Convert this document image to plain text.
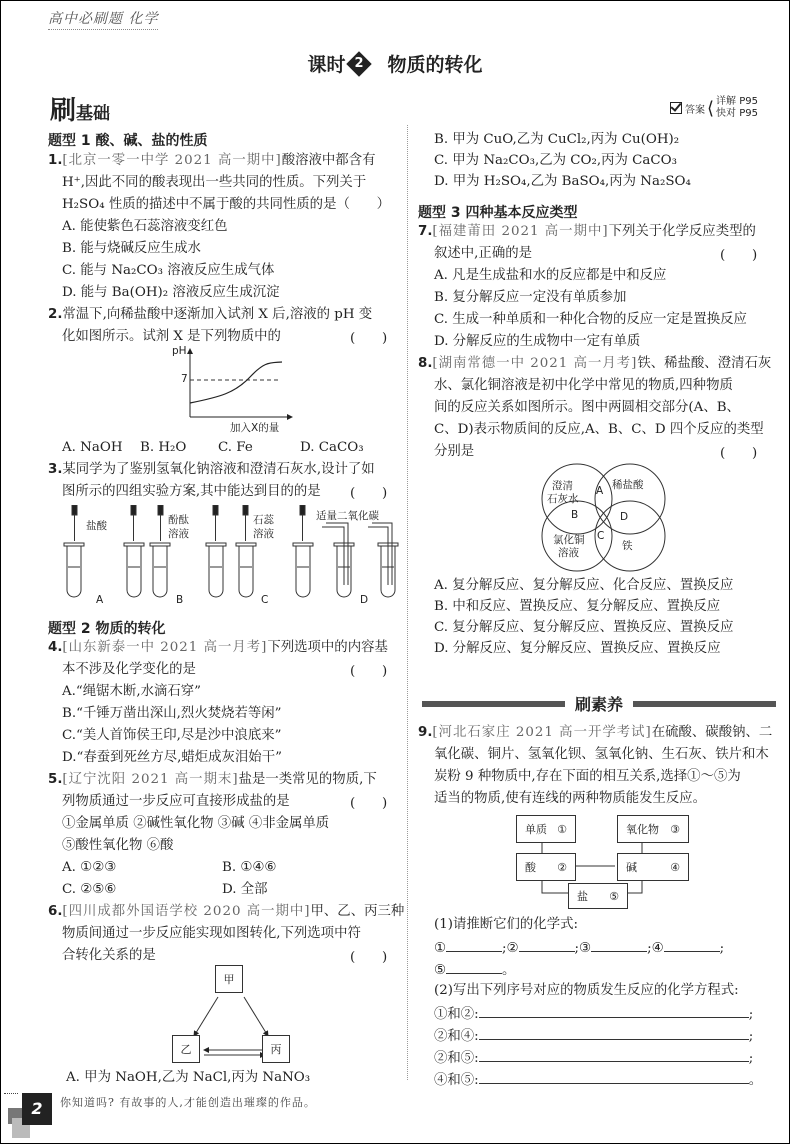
高中必刷题 化学
课时 2 物质的转化
刷基础	答案 ⟨ 详解 P95
快对 P95
题型 1 酸、碱、盐的性质
1.[北京一零一中学 2021 高一期中]酸溶液中都含有
H⁺,因此不同的酸表现出一些共同的性质。下列关于
H₂SO₄ 性质的描述中不属于酸的共同性质的是（　　）
A. 能使紫色石蕊溶液变红色
B. 能与烧碱反应生成水
C. 能与 Na₂CO₃ 溶液反应生成气体
D. 能与 Ba(OH)₂ 溶液反应生成沉淀
2.常温下,向稀盐酸中逐渐加入试剂 X 后,溶液的 pH 变
化如图所示。试剂 X 是下列物质中的	(　　)
pH
7
加入X的量
A. NaOH B. H₂O C. Fe	D. CaCO₃
3.某同学为了鉴别氢氧化钠溶液和澄清石灰水,设计了如
图所示的四组实验方案,其中能达到目的的是 (　　)
盐酸	酚酞
溶液
石蕊
溶液
适量二氧化碳
A	B	C	D
题型 2 物质的转化
4.[山东新泰一中 2021 高一月考]下列选项中的内容基
本不涉及化学变化的是	(　　)
A.“绳锯木断,水滴石穿”
B.“千锤万凿出深山,烈火焚烧若等闲”
C.“美人首饰侯王印,尽是沙中浪底来”
D.“春蚕到死丝方尽,蜡炬成灰泪始干”
5.[辽宁沈阳 2021 高一期末]盐是一类常见的物质,下
列物质通过一步反应可直接形成盐的是	(　　)
①金属单质 ②碱性氧化物 ③碱 ④非金属单质
⑤酸性氧化物 ⑥酸
A. ①②③	B. ①④⑥
C. ②⑤⑥	D. 全部
6.[四川成都外国语学校 2020 高一期中]甲、乙、丙三种
物质间通过一步反应能实现如图转化,下列选项中符
合转化关系的是	(　　)
甲
乙	丙
A. 甲为 NaOH,乙为 NaCl,丙为 NaNO₃
B. 甲为 CuO,乙为 CuCl₂,丙为 Cu(OH)₂
C. 甲为 Na₂CO₃,乙为 CO₂,丙为 CaCO₃
D. 甲为 H₂SO₄,乙为 BaSO₄,丙为 Na₂SO₄
题型 3 四种基本反应类型
7.[福建莆田 2021 高一期中]下列关于化学反应类型的
叙述中,正确的是	(　　)
A. 凡是生成盐和水的反应都是中和反应
B. 复分解反应一定没有单质参加
C. 生成一种单质和一种化合物的反应一定是置换反应
D. 分解反应的生成物中一定有单质
8.[湖南常德一中 2021 高一月考]铁、稀盐酸、澄清石灰
水、氯化铜溶液是初中化学中常见的物质,四种物质
间的反应关系如图所示。图中两圆相交部分(A、B、
C、D)表示物质间的反应,A、B、C、D 四个反应的类型
分别是	(　　)
澄清
石灰水
稀盐酸
氯化铜
溶液
铁
A
B
C
D
A. 复分解反应、复分解反应、化合反应、置换反应
B. 中和反应、置换反应、复分解反应、置换反应
C. 复分解反应、复分解反应、置换反应、置换反应
D. 分解反应、复分解反应、置换反应、置换反应
刷素养
9.[河北石家庄 2021 高一开学考试]在硫酸、碳酸钠、二
氧化碳、铜片、氢氧化钡、氢氧化钠、生石灰、铁片和木
炭粉 9 种物质中,存在下面的相互关系,选择①～⑤为
适当的物质,使有连线的两种物质能发生反应。
单质 ①	氧化物 ③
酸 ②	碱	④
盐 ⑤
(1)请推断它们的化学式:
①	;②	;③	;④	;
⑤	。
(2)写出下列序号对应的物质发生反应的化学方程式:
①和②:	;
②和④:	;
②和⑤:	;
④和⑤:	。
2	你知道吗? 有故事的人,才能创造出璀璨的作品。
